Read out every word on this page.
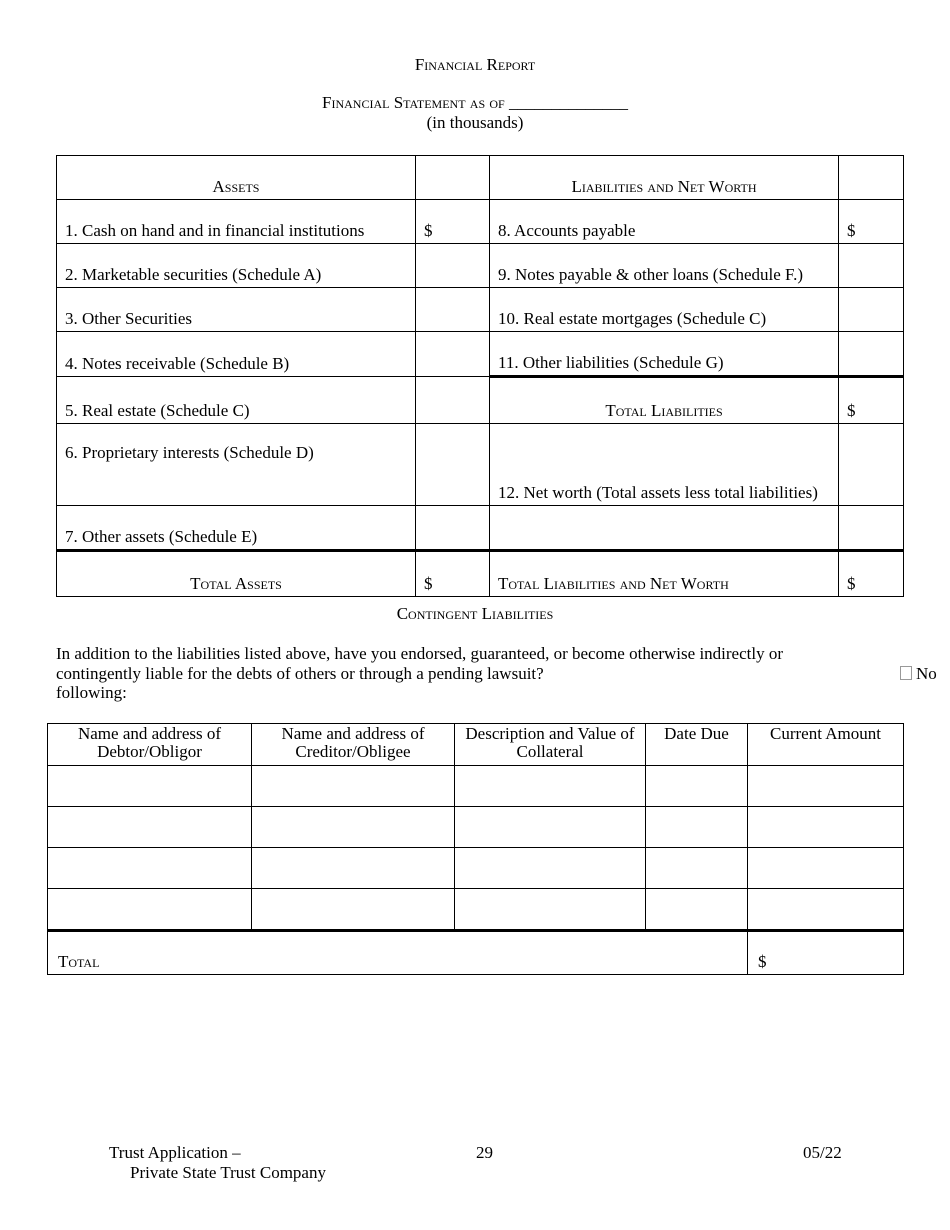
Financial Report
Financial Statement as of ______________
(in thousands)
Assets		Liabilities and Net Worth	
1. Cash on hand and in financial institutions	$	8. Accounts payable	$
2. Marketable securities (Schedule A)		9. Notes payable & other loans (Schedule F.)	
3. Other Securities		10. Real estate mortgages (Schedule C)	
4. Notes receivable (Schedule B)		11. Other liabilities (Schedule G)	
5. Real estate (Schedule C)		Total Liabilities	$
6. Proprietary interests (Schedule D)		12. Net worth (Total assets less total liabilities)	
7. Other assets (Schedule E)			
Total Assets	$	Total Liabilities and Net Worth	$
Contingent Liabilities

In addition to the liabilities listed above, have you endorsed, guaranteed, or become otherwise indirectly or

contingently liable for the debts of others or through a pending lawsuit?

following:

No
Name and address of Debtor/Obligor	Name and address of Creditor/Obligee	Description and Value of Collateral	Date Due	Current Amount

Total				$
Trust Application –
Private State Trust Company
29	05/22
